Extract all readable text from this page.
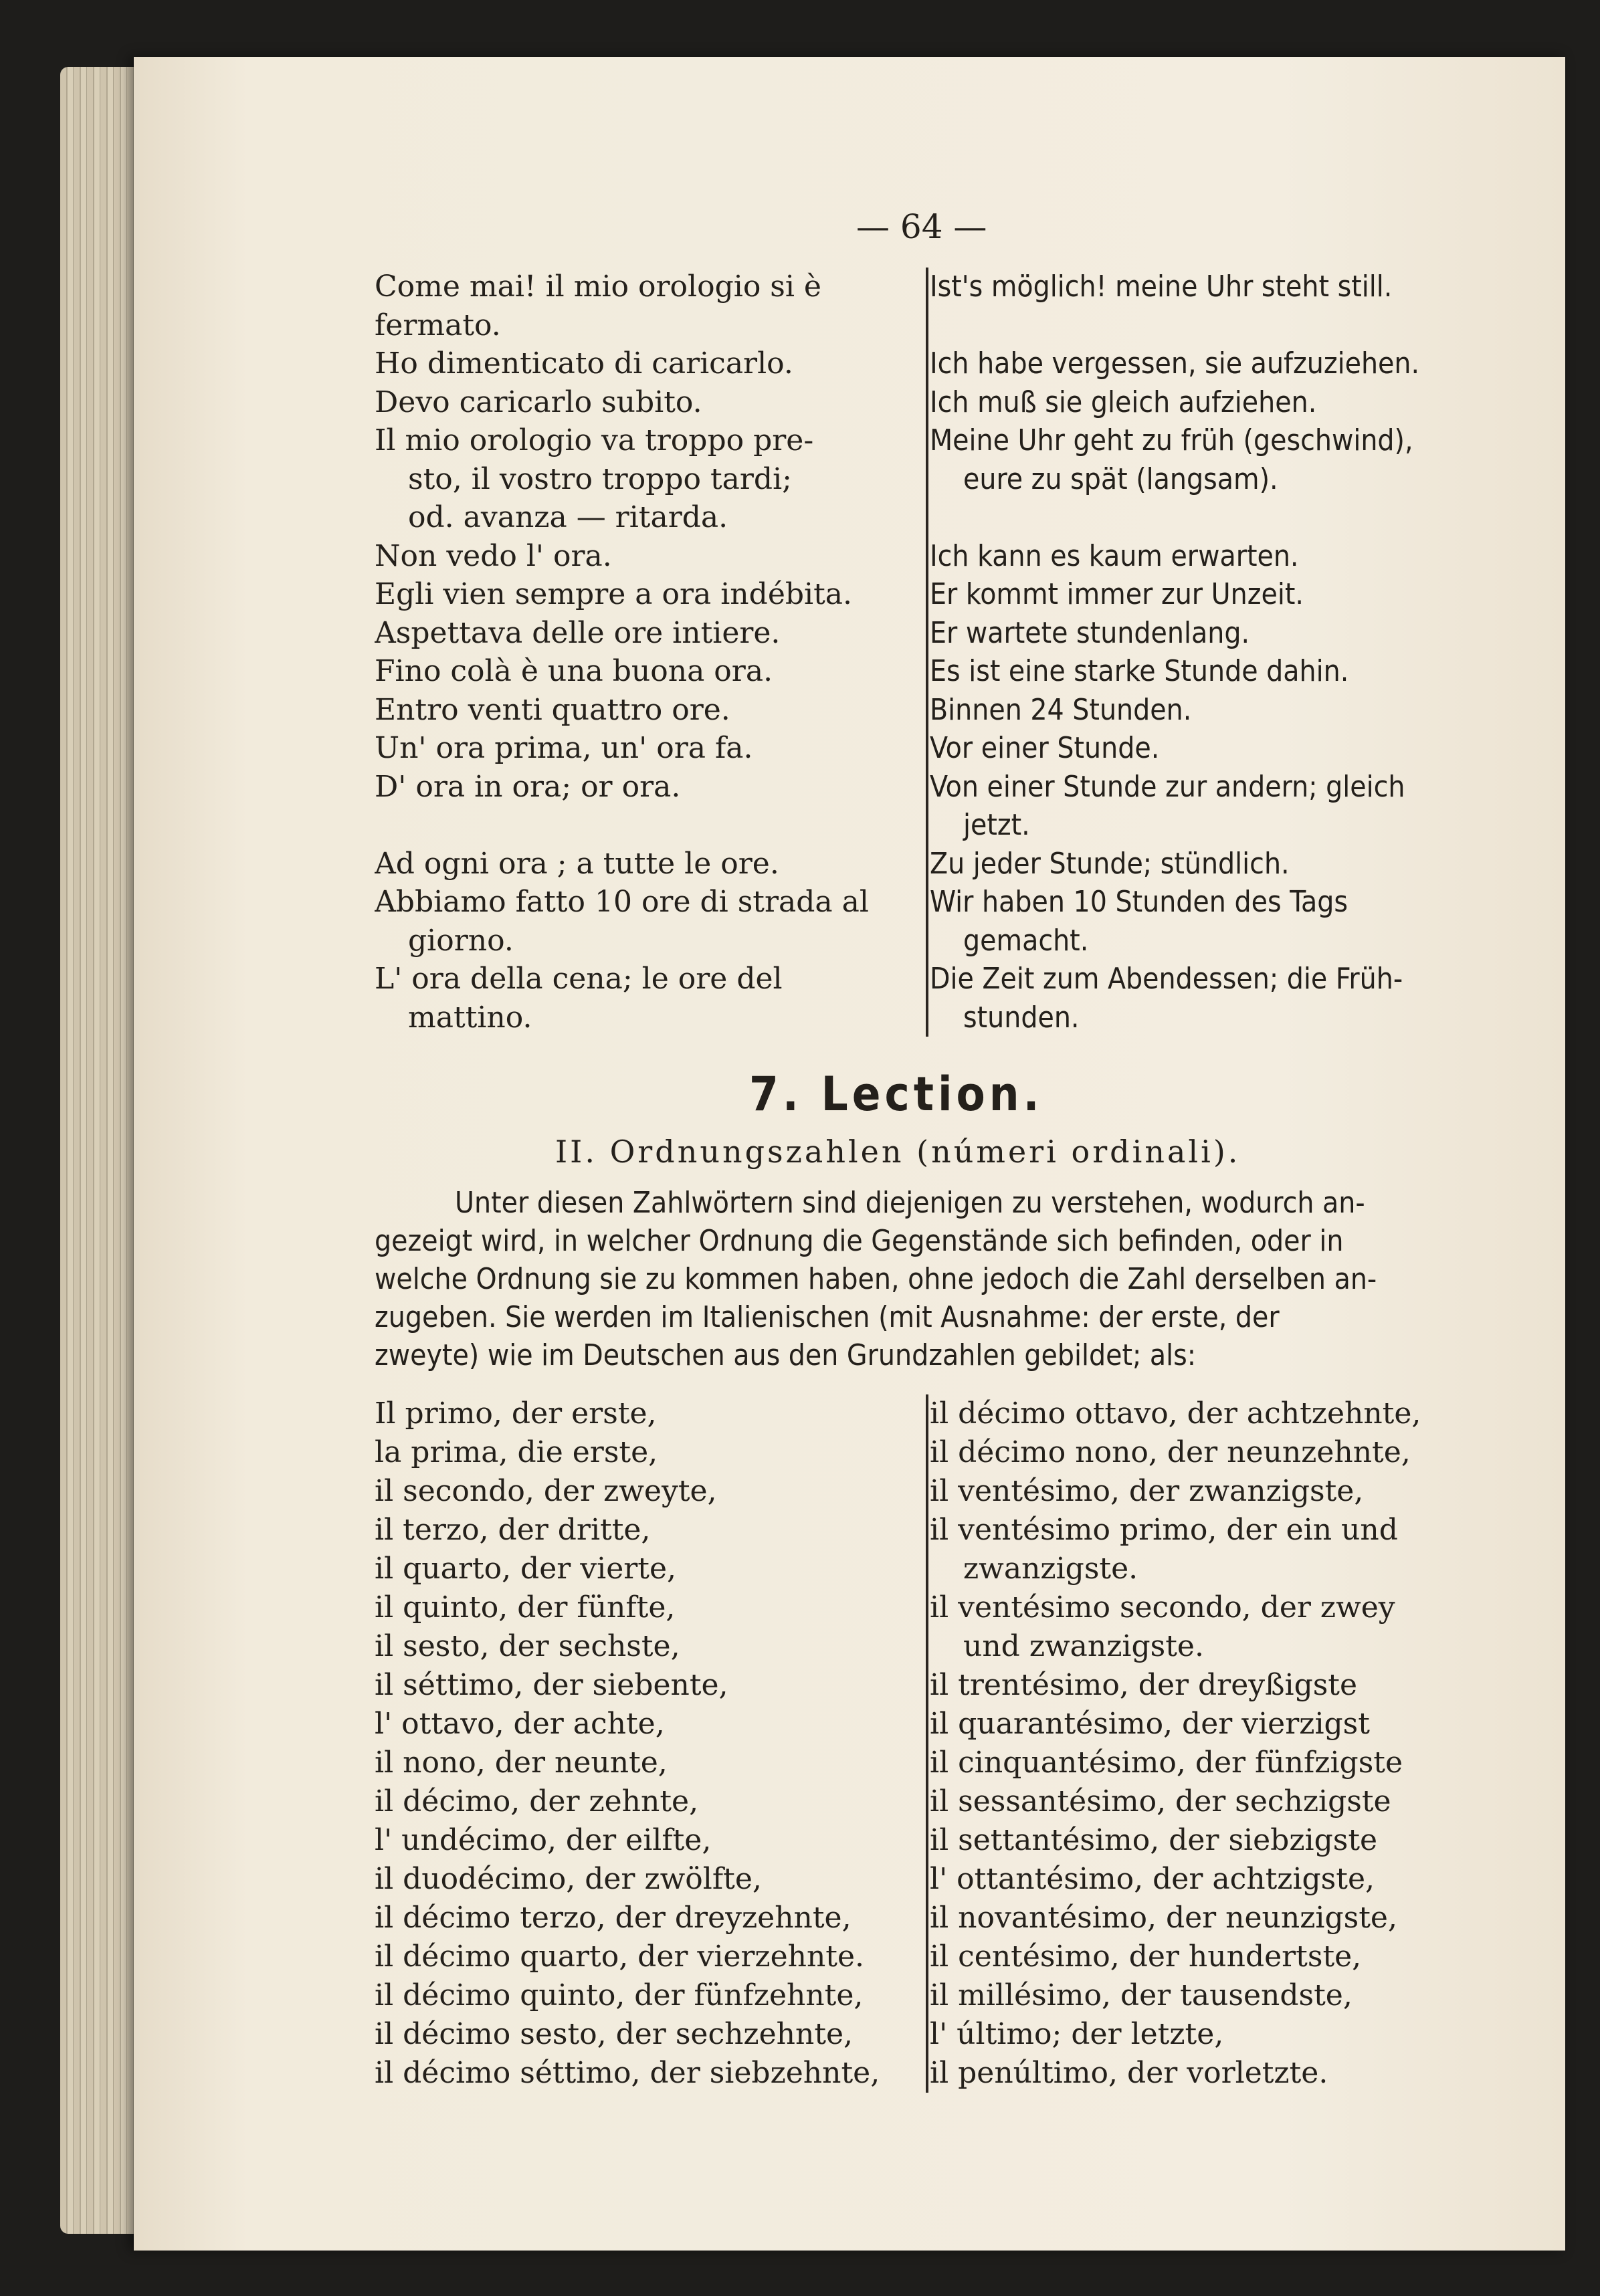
— 64 —
Come mai! il mio orologio si è
fermato.
Ho dimenticato di caricarlo.
Devo caricarlo subito.
Il mio orologio va troppo pre-
sto, il vostro troppo tardi;
od. avanza — ritarda.
Non vedo l' ora.
Egli vien sempre a ora indébita.
Aspettava delle ore intiere.
Fino colà è una buona ora.
Entro venti quattro ore.
Un' ora prima, un' ora fa.
D' ora in ora; or ora.
Ad ogni ora ; a tutte le ore.
Abbiamo fatto 10 ore di strada al
giorno.
L' ora della cena; le ore del
mattino.
Ist's möglich! meine Uhr steht still.
Ich habe vergessen, sie aufzuziehen.
Ich muß sie gleich aufziehen.
Meine Uhr geht zu früh (geschwind),
eure zu spät (langsam).
Ich kann es kaum erwarten.
Er kommt immer zur Unzeit.
Er wartete stundenlang.
Es ist eine starke Stunde dahin.
Binnen 24 Stunden.
Vor einer Stunde.
Von einer Stunde zur andern; gleich
jetzt.
Zu jeder Stunde; stündlich.
Wir haben 10 Stunden des Tags
gemacht.
Die Zeit zum Abendessen; die Früh-
stunden.
7. Lection.
II. Ordnungszahlen (númeri ordinali).
Unter diesen Zahlwörtern sind diejenigen zu verstehen, wodurch an-
gezeigt wird, in welcher Ordnung die Gegenstände sich befinden, oder in
welche Ordnung sie zu kommen haben, ohne jedoch die Zahl derselben an-
zugeben. Sie werden im Italienischen (mit Ausnahme: der erste, der
zweyte) wie im Deutschen aus den Grundzahlen gebildet; als:
Il primo, der erste,
la prima, die erste,
il secondo, der zweyte,
il terzo, der dritte,
il quarto, der vierte,
il quinto, der fünfte,
il sesto, der sechste,
il séttimo, der siebente,
l' ottavo, der achte,
il nono, der neunte,
il décimo, der zehnte,
l' undécimo, der eilfte,
il duodécimo, der zwölfte,
il décimo terzo, der dreyzehnte,
il décimo quarto, der vierzehnte.
il décimo quinto, der fünfzehnte,
il décimo sesto, der sechzehnte,
il décimo séttimo, der siebzehnte,
il décimo ottavo, der achtzehnte,
il décimo nono, der neunzehnte,
il ventésimo, der zwanzigste,
il ventésimo primo, der ein und
zwanzigste.
il ventésimo secondo, der zwey
und zwanzigste.
il trentésimo, der dreyßigste
il quarantésimo, der vierzigst
il cinquantésimo, der fünfzigste
il sessantésimo, der sechzigste
il settantésimo, der siebzigste
l' ottantésimo, der achtzigste,
il novantésimo, der neunzigste,
il centésimo, der hundertste,
il millésimo, der tausendste,
l' último; der letzte,
il penúltimo, der vorletzte.
